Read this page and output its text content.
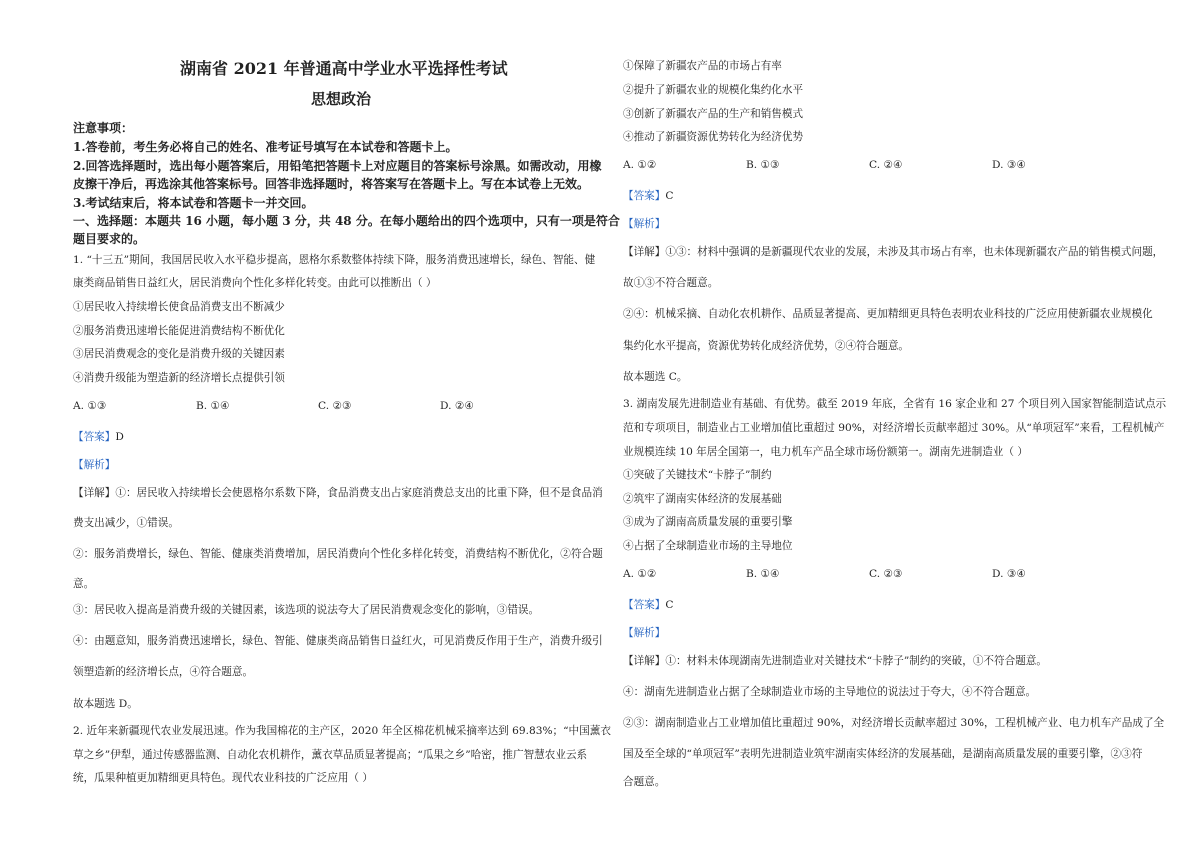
湖南省 2021 年普通高中学业水平选择性考试
思想政治
注意事项：
1.答卷前，考生务必将自己的姓名、准考证号填写在本试卷和答题卡上。
2.回答选择题时，选出每小题答案后，用铅笔把答题卡上对应题目的答案标号涂黑。如需改动，用橡
皮擦干净后，再选涂其他答案标号。回答非选择题时，将答案写在答题卡上。写在本试卷上无效。
3.考试结束后，将本试卷和答题卡一并交回。
一、选择题：本题共 16 小题，每小题 3 分，共 48 分。在每小题给出的四个选项中，只有一项是符合
题目要求的。
1. “十三五”期间，我国居民收入水平稳步提高，恩格尔系数整体持续下降，服务消费迅速增长，绿色、智能、健
康类商品销售日益红火，居民消费向个性化多样化转变。由此可以推断出（ ）
①居民收入持续增长使食品消费支出不断减少
②服务消费迅速增长能促进消费结构不断优化
③居民消费观念的变化是消费升级的关键因素
④消费升级能为塑造新的经济增长点提供引领
A. ①③	B. ①④	C. ②③	D. ②④
【答案】D
【解析】
【详解】①：居民收入持续增长会使恩格尔系数下降，食品消费支出占家庭消费总支出的比重下降，但不是食品消
费支出减少，①错误。
②：服务消费增长，绿色、智能、健康类消费增加，居民消费向个性化多样化转变，消费结构不断优化，②符合题
意。
③：居民收入提高是消费升级的关键因素，该选项的说法夸大了居民消费观念变化的影响，③错误。
④：由题意知，服务消费迅速增长，绿色、智能、健康类商品销售日益红火，可见消费反作用于生产，消费升级引
领塑造新的经济增长点，④符合题意。
故本题选 D。
2. 近年来新疆现代农业发展迅速。作为我国棉花的主产区，2020 年全区棉花机械采摘率达到 69.83%；“中国薰衣
草之乡”伊犁，通过传感器监测、自动化农机耕作，薰衣草品质显著提高；“瓜果之乡”哈密，推广智慧农业云系
统，瓜果种植更加精细更具特色。现代农业科技的广泛应用（ ）
①保障了新疆农产品的市场占有率
②提升了新疆农业的规模化集约化水平
③创新了新疆农产品的生产和销售模式
④推动了新疆资源优势转化为经济优势
A. ①②	B. ①③	C. ②④	D. ③④
【答案】C
【解析】
【详解】①③：材料中强调的是新疆现代农业的发展，未涉及其市场占有率，也未体现新疆农产品的销售模式问题，
故①③不符合题意。
②④：机械采摘、自动化农机耕作、品质显著提高、更加精细更具特色表明农业科技的广泛应用使新疆农业规模化
集约化水平提高，资源优势转化成经济优势，②④符合题意。
故本题选 C。
3. 湖南发展先进制造业有基础、有优势。截至 2019 年底，全省有 16 家企业和 27 个项目列入国家智能制造试点示
范和专项项目，制造业占工业增加值比重超过 90%，对经济增长贡献率超过 30%。从“单项冠军”来看，工程机械产
业规模连续 10 年居全国第一，电力机车产品全球市场份额第一。湖南先进制造业（ ）
①突破了关键技术“卡脖子”制约
②筑牢了湖南实体经济的发展基础
③成为了湖南高质量发展的重要引擎
④占据了全球制造业市场的主导地位
A. ①②	B. ①④	C. ②③	D. ③④
【答案】C
【解析】
【详解】①：材料未体现湖南先进制造业对关键技术“卡脖子”制约的突破，①不符合题意。
④：湖南先进制造业占据了全球制造业市场的主导地位的说法过于夸大，④不符合题意。
②③：湖南制造业占工业增加值比重超过 90%，对经济增长贡献率超过 30%，工程机械产业、电力机车产品成了全
国及至全球的“单项冠军”表明先进制造业筑牢湖南实体经济的发展基础，是湖南高质量发展的重要引擎，②③符
合题意。
